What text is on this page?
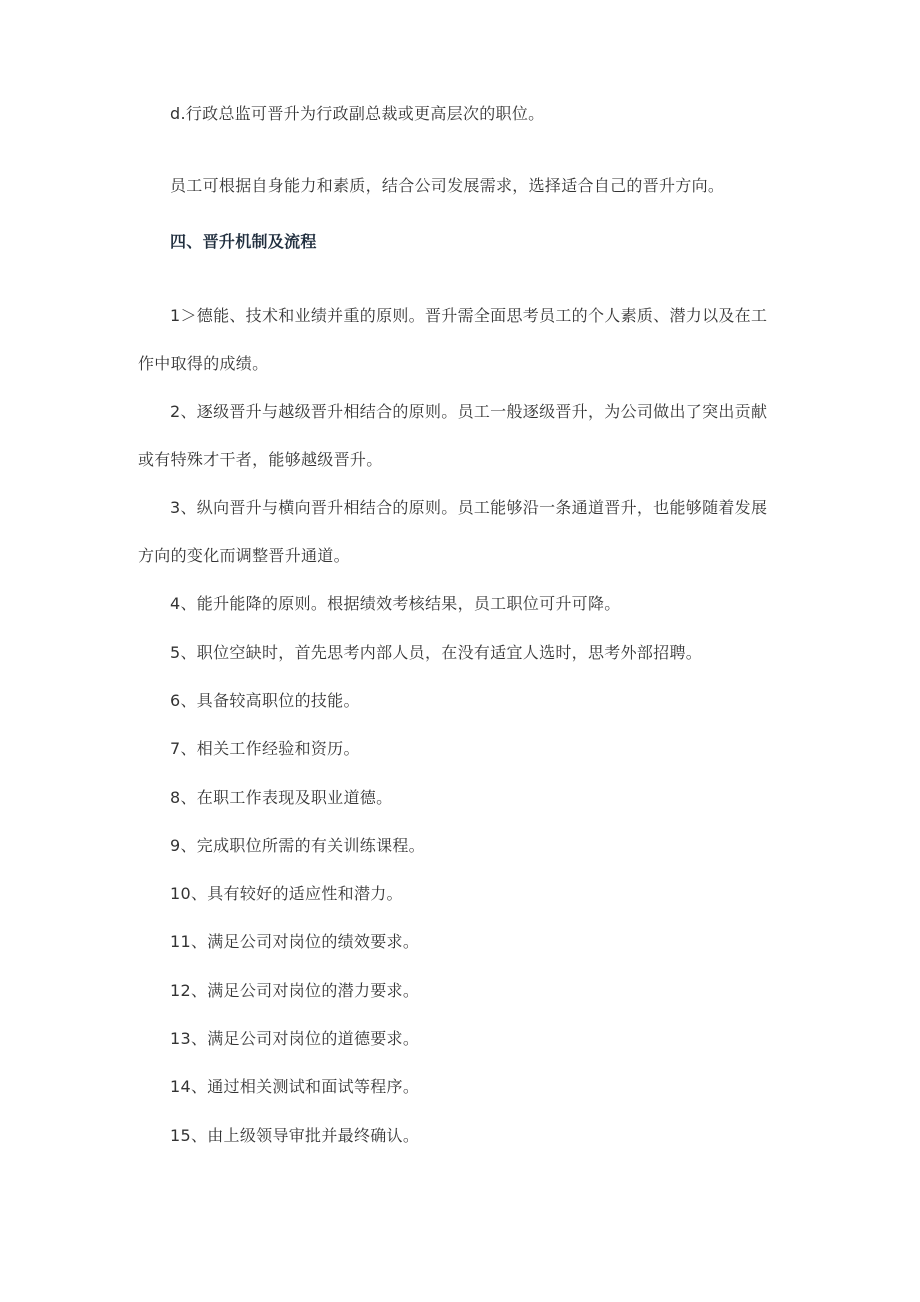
d.行政总监可晋升为行政副总裁或更高层次的职位。

员工可根据自身能力和素质，结合公司发展需求，选择适合自己的晋升方向。

四、晋升机制及流程

1＞德能、技术和业绩并重的原则。晋升需全面思考员工的个人素质、潜力以及在工作中取得的成绩。

2、逐级晋升与越级晋升相结合的原则。员工一般逐级晋升，为公司做出了突出贡献或有特殊才干者，能够越级晋升。

3、纵向晋升与横向晋升相结合的原则。员工能够沿一条通道晋升，也能够随着发展方向的变化而调整晋升通道。

4、能升能降的原则。根据绩效考核结果，员工职位可升可降。

5、职位空缺时，首先思考内部人员，在没有适宜人选时，思考外部招聘。

6、具备较高职位的技能。

7、相关工作经验和资历。

8、在职工作表现及职业道德。

9、完成职位所需的有关训练课程。

10、具有较好的适应性和潜力。

11、满足公司对岗位的绩效要求。

12、满足公司对岗位的潜力要求。

13、满足公司对岗位的道德要求。

14、通过相关测试和面试等程序。

15、由上级领导审批并最终确认。
